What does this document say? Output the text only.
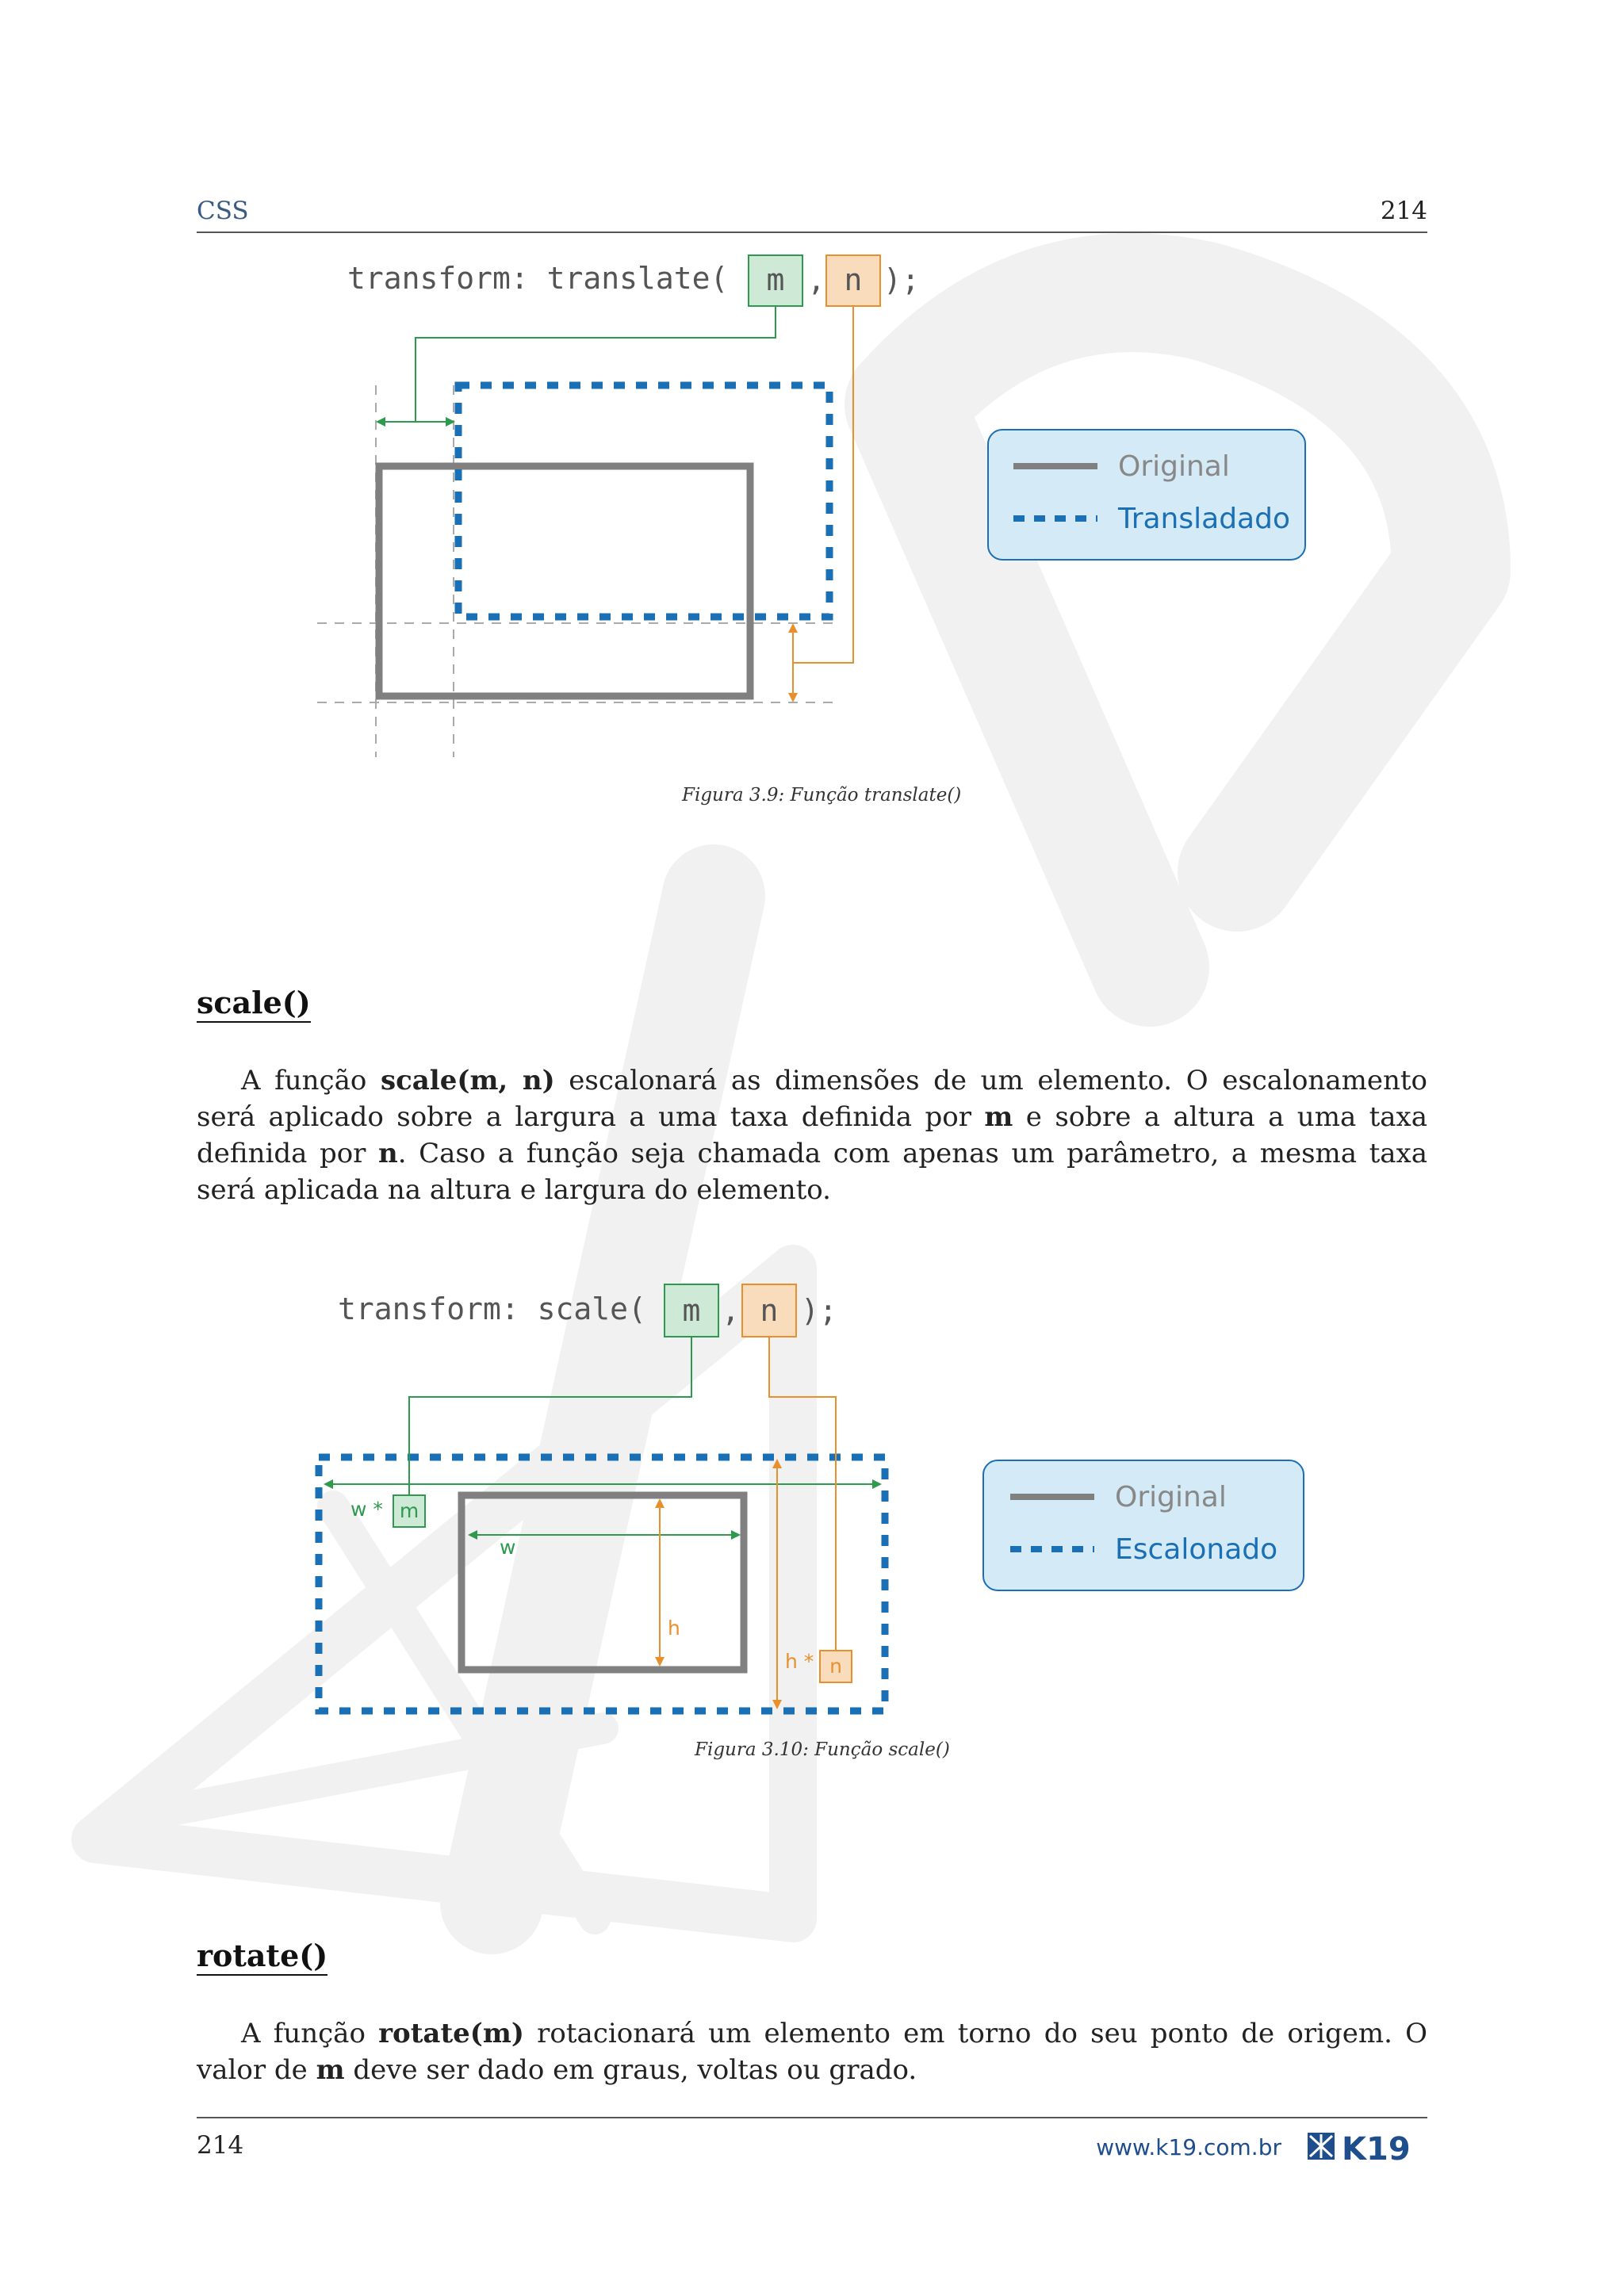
CSS	214
transform: translate( m , n );
Original
Transladado
Figura 3.9: Função translate()
scale()
A função scale(m, n) escalonará as dimensões de um elemento. O escalonamento será aplicado sobre a largura a uma taxa definida por m e sobre a altura a uma taxa definida por n. Caso a função seja chamada com apenas um parâmetro, a mesma taxa será aplicada na altura e largura do elemento.
transform: scale( m , n );
w * m
w
h
h * n
Original
Escalonado
Figura 3.10: Função scale()
rotate()
A função rotate(m) rotacionará um elemento em torno do seu ponto de origem. O valor de m deve ser dado em graus, voltas ou grado.
214	www.k19.com.br K19
